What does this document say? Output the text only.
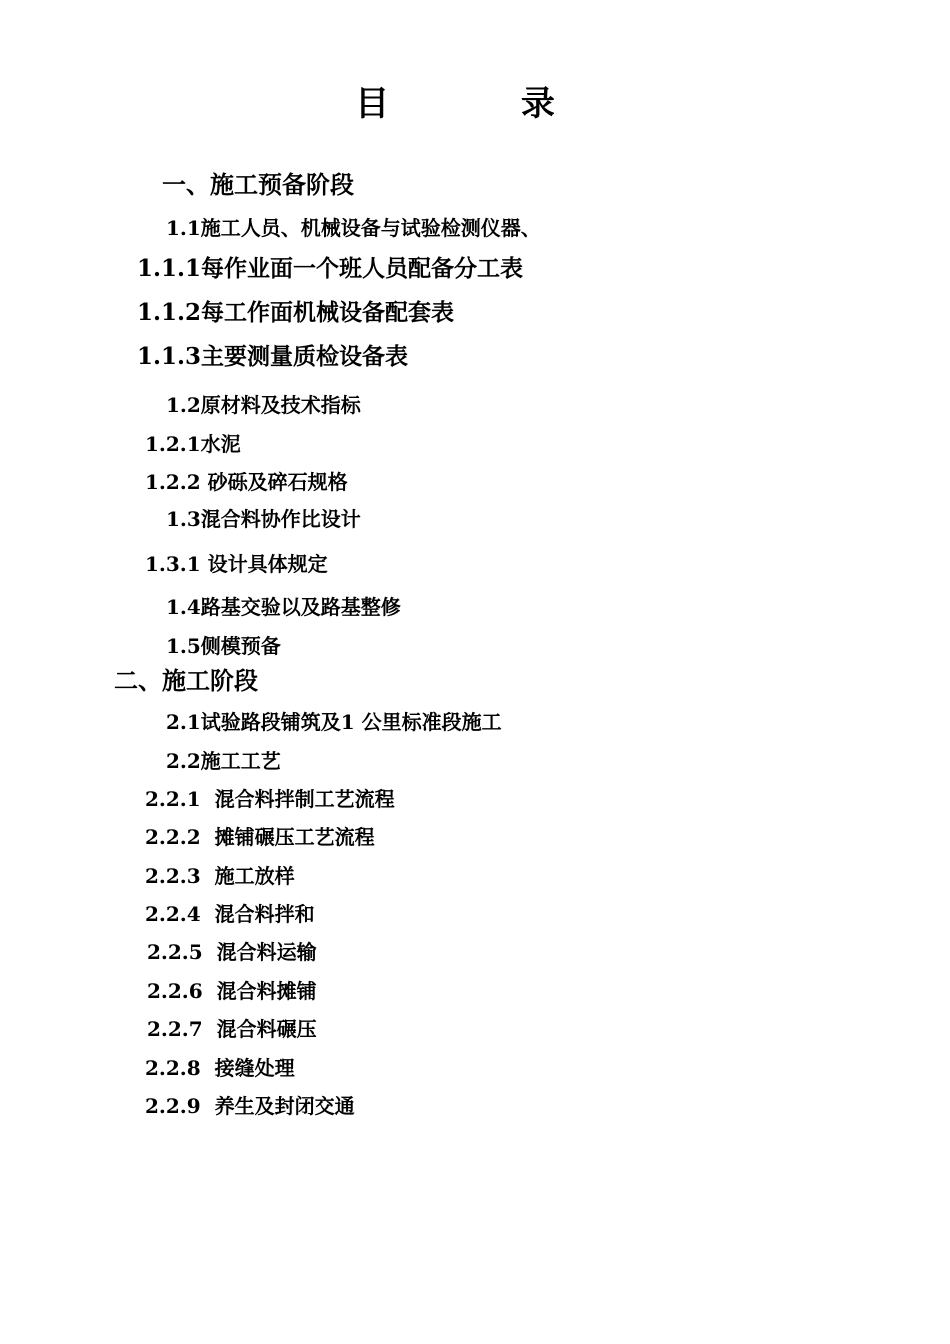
目 录
一、施工预备阶段
1.1施工人员、机械设备与试验检测仪器、
1.1.1每作业面一个班人员配备分工表
1.1.2每工作面机械设备配套表
1.1.3主要测量质检设备表
1.2原材料及技术指标
1.2.1水泥
1.2.2 砂砾及碎石规格
1.3混合料协作比设计
1.3.1 设计具体规定
1.4路基交验以及路基整修
1.5侧模预备
二、施工阶段
2.1试验路段铺筑及1 公里标准段施工
2.2施工工艺
2.2.1  混合料拌制工艺流程
2.2.2  摊铺碾压工艺流程
2.2.3  施工放样
2.2.4  混合料拌和
2.2.5  混合料运输
2.2.6  混合料摊铺
2.2.7  混合料碾压
2.2.8  接缝处理
2.2.9  养生及封闭交通
